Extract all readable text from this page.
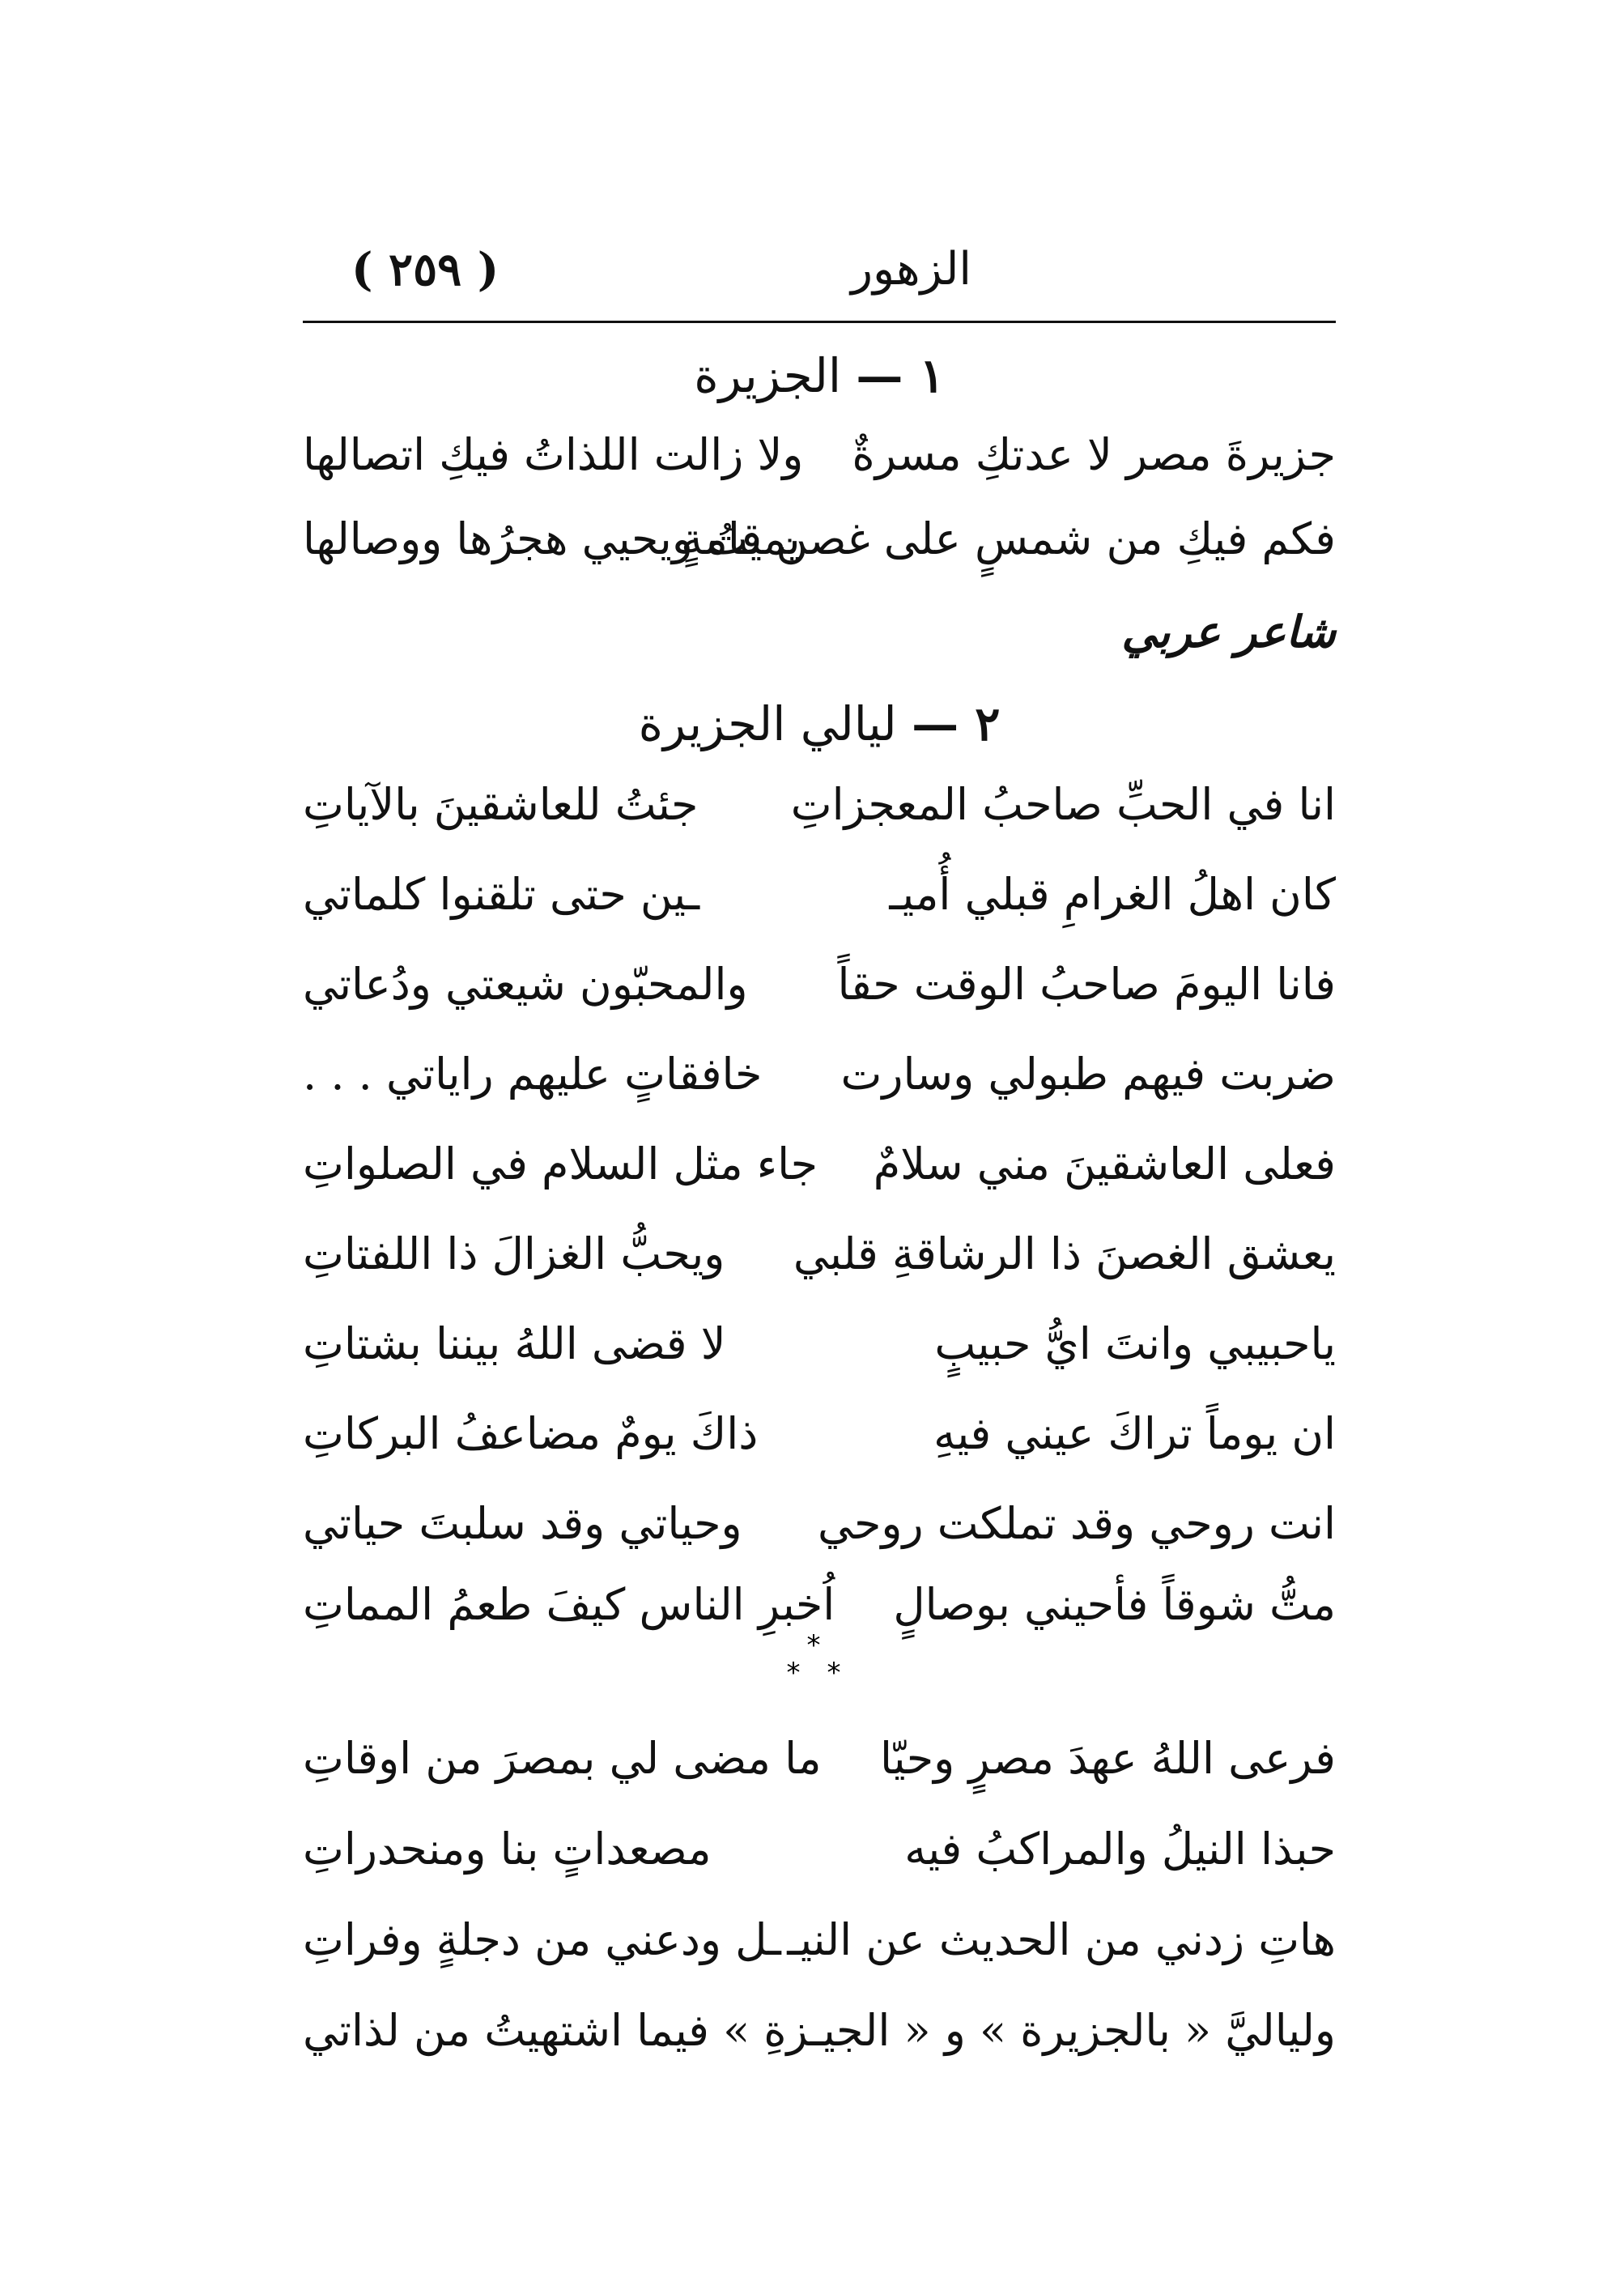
الزهور
( ٢٥٩ )
١ — الجزيرة
جزيرةَ مصر لا عدتكِ مسرةٌ
ولا زالت اللذاتُ فيكِ اتصالها
فكم فيكِ من شمسٍ على غصن قامةٍ
يميتُ ويحيي هجرُها ووصالها
شاعر عربي
٢ — ليالي الجزيرة
انا في الحبِّ صاحبُ المعجزاتِ
جئتُ للعاشقينَ بالآياتِ
كان اهلُ الغرامِ قبلي أُميـ
ـين حتى تلقنوا كلماتي
فانا اليومَ صاحبُ الوقت حقاً
والمحبّون شيعتي ودُعاتي
ضربت فيهم طبولي وسارت
خافقاتٍ عليهم راياتي . . .
فعلى العاشقينَ مني سلامٌ
جاء مثل السلام في الصلواتِ
يعشق الغصنَ ذا الرشاقةِ قلبي
ويحبُّ الغزالَ ذا اللفتاتِ
ياحبيبي وانتَ ايُّ حبيبٍ
لا قضى اللهُ بيننا بشتاتِ
ان يوماً تراكَ عيني فيهِ
ذاكَ يومٌ مضاعفُ البركاتِ
انت روحي وقد تملكت روحي
وحياتي وقد سلبتَ حياتي
متُّ شوقاً فأحيني بوصالٍ
اُخبرِ الناس كيفَ طعمُ المماتِ
*
* *
فرعى اللهُ عهدَ مصرٍ وحيّا
ما مضى لي بمصرَ من اوقاتِ
حبذا النيلُ والمراكبُ فيه
مصعداتٍ بنا ومنحدراتِ
هاتِ زدني من الحديث عن النيـ
ـل ودعني من دجلةٍ وفراتِ
ولياليَّ « بالجزيرة » و « الجيـ
ـزةِ » فيما اشتهيتُ من لذاتي
